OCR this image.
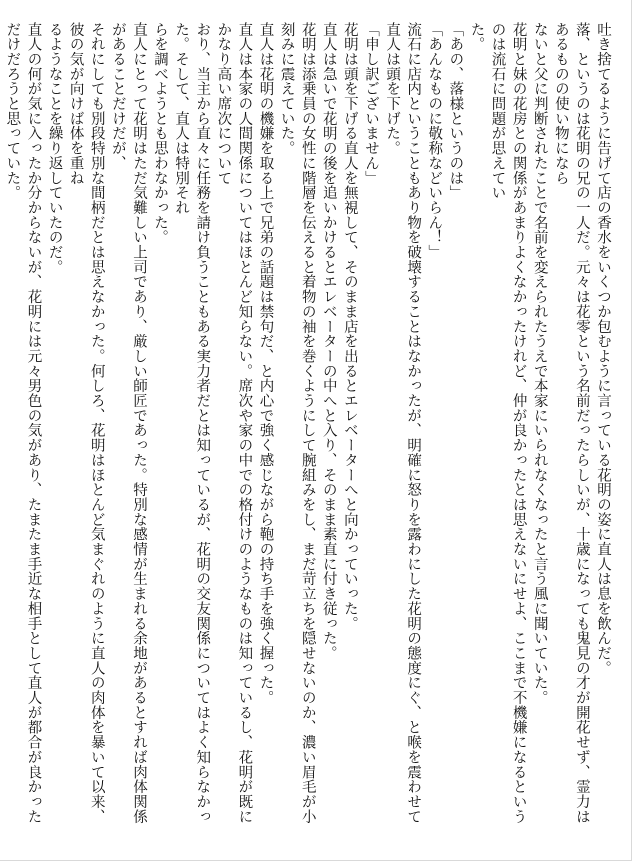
吐き捨てるように告げて店の香水をいくつか包むように言っている花明の姿に直人は息を飲んだ。

落、というのは花明の兄の一人だ。元々は花零という名前だったらしいが、十歳になっても鬼見の才が開花せず、霊力はあるものの使い物になら

ないと父に判断されたことで名前を変えられたうえで本家にいられなくなったと言う風に聞いていた。

花明と妹の花房との関係があまりよくなかったけれど、仲が良かったとは思えないにせよ、ここまで不機嫌になるというのは流石に問題が思えてい

た。

「あの、落様というのは」

「あんなものに敬称などいらん！」

流石に店内ということもあり物を破壊することはなかったが、明確に怒りを露わにした花明の態度にぐ、と喉を震わせて直人は頭を下げた。

「申し訳ございません」

花明は頭を下げる直人を無視して、そのまま店を出るとエレベーターへと向かっていった。

直人は急いで花明の後を追いかけるとエレベーターの中へと入り、そのまま素直に付き従った。

花明は添乗員の女性に階層を伝えると着物の袖を巻くようにして腕組みをし、まだ苛立ちを隠せないのか、濃い眉毛が小刻みに震えていた。

直人は花明の機嫌を取る上で兄弟の話題は禁句だ、と内心で強く感じながら鞄の持ち手を強く握った。

直人は本家の人間関係についてはほとんど知らない。席次や家の中での格付けのようなものは知っているし、花明が既にかなり高い席次について

おり、当主から直々に任務を請け負うこともある実力者だとは知っているが、花明の交友関係についてはよく知らなかった。そして、直人は特別それ

らを調べようとも思わなかった。

直人にとって花明はただ気難しい上司であり、厳しい師匠であった。特別な感情が生まれる余地があるとすれば肉体関係があることだけだが、

それにしても別段特別な間柄だとは思えなかった。何しろ、花明はほとんど気まぐれのように直人の肉体を暴いて以来、彼の気が向けば体を重ね

るようなことを繰り返していたのだ。

直人の何が気に入ったか分からないが、花明には元々男色の気があり、たまたま手近な相手として直人が都合が良かっただけだろうと思っていた。
